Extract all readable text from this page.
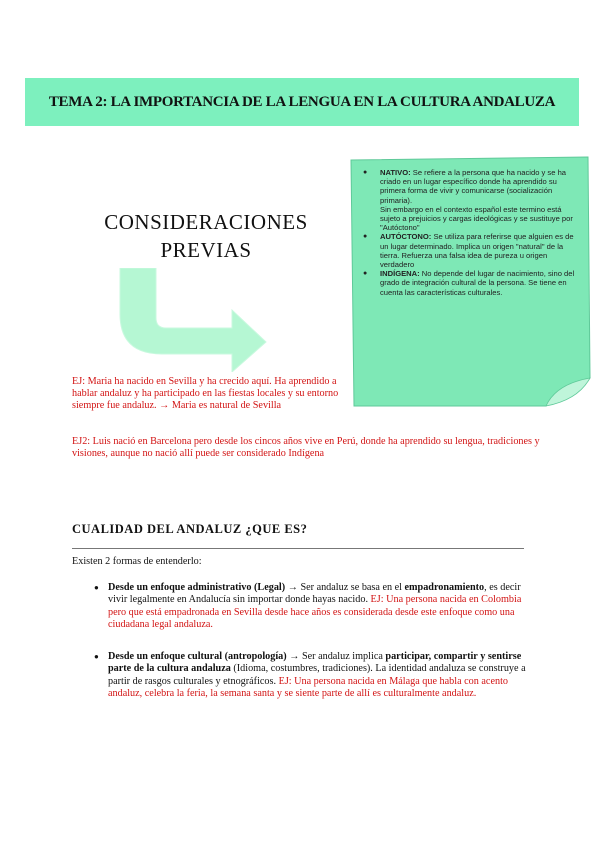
TEMA 2: LA IMPORTANCIA DE LA LENGUA EN LA CULTURA ANDALUZA
CONSIDERACIONES
PREVIAS
● NATIVO: Se refiere a la persona que ha nacido y se ha criado en un lugar específico donde ha aprendido su primera forma de vivir y comunicarse (socialización primaria).
Sin embargo en el contexto español este termino está sujeto a prejuicios y cargas ideológicas y se sustituye por "Autóctono"
● AUTÓCTONO: Se utiliza para referirse que alguien es de un lugar determinado. Implica un origen "natural" de la tierra. Refuerza una falsa idea de pureza u origen verdadero
● INDÍGENA: No depende del lugar de nacimiento, sino del grado de integración cultural de la persona. Se tiene en cuenta las características culturales.
EJ: Maria ha nacido en Sevilla y ha crecido aquí. Ha aprendido a hablar andaluz y ha participado en las fiestas locales y su entorno siempre fue andaluz. → Maria es natural de Sevilla
EJ2: Luis nació en Barcelona pero desde los cincos años vive en Perú, donde ha aprendido su lengua, tradiciones y visiones, aunque no nació allí puede ser considerado Indígena
CUALIDAD DEL ANDALUZ ¿QUE ES?
Existen 2 formas de entenderlo:
● Desde un enfoque administrativo (Legal) → Ser andaluz se basa en el empadronamiento, es decir vivir legalmente en Andalucía sin importar donde hayas nacido. EJ: Una persona nacida en Colombia pero que está empadronada en Sevilla desde hace años es considerada desde este enfoque como una ciudadana legal andaluza.
● Desde un enfoque cultural (antropología) → Ser andaluz implica participar, compartir y sentirse parte de la cultura andaluza (Idioma, costumbres, tradiciones). La identidad andaluza se construye a partir de rasgos culturales y etnográficos. EJ: Una persona nacida en Málaga que habla con acento andaluz, celebra la feria, la semana santa y se siente parte de allí es culturalmente andaluz.
